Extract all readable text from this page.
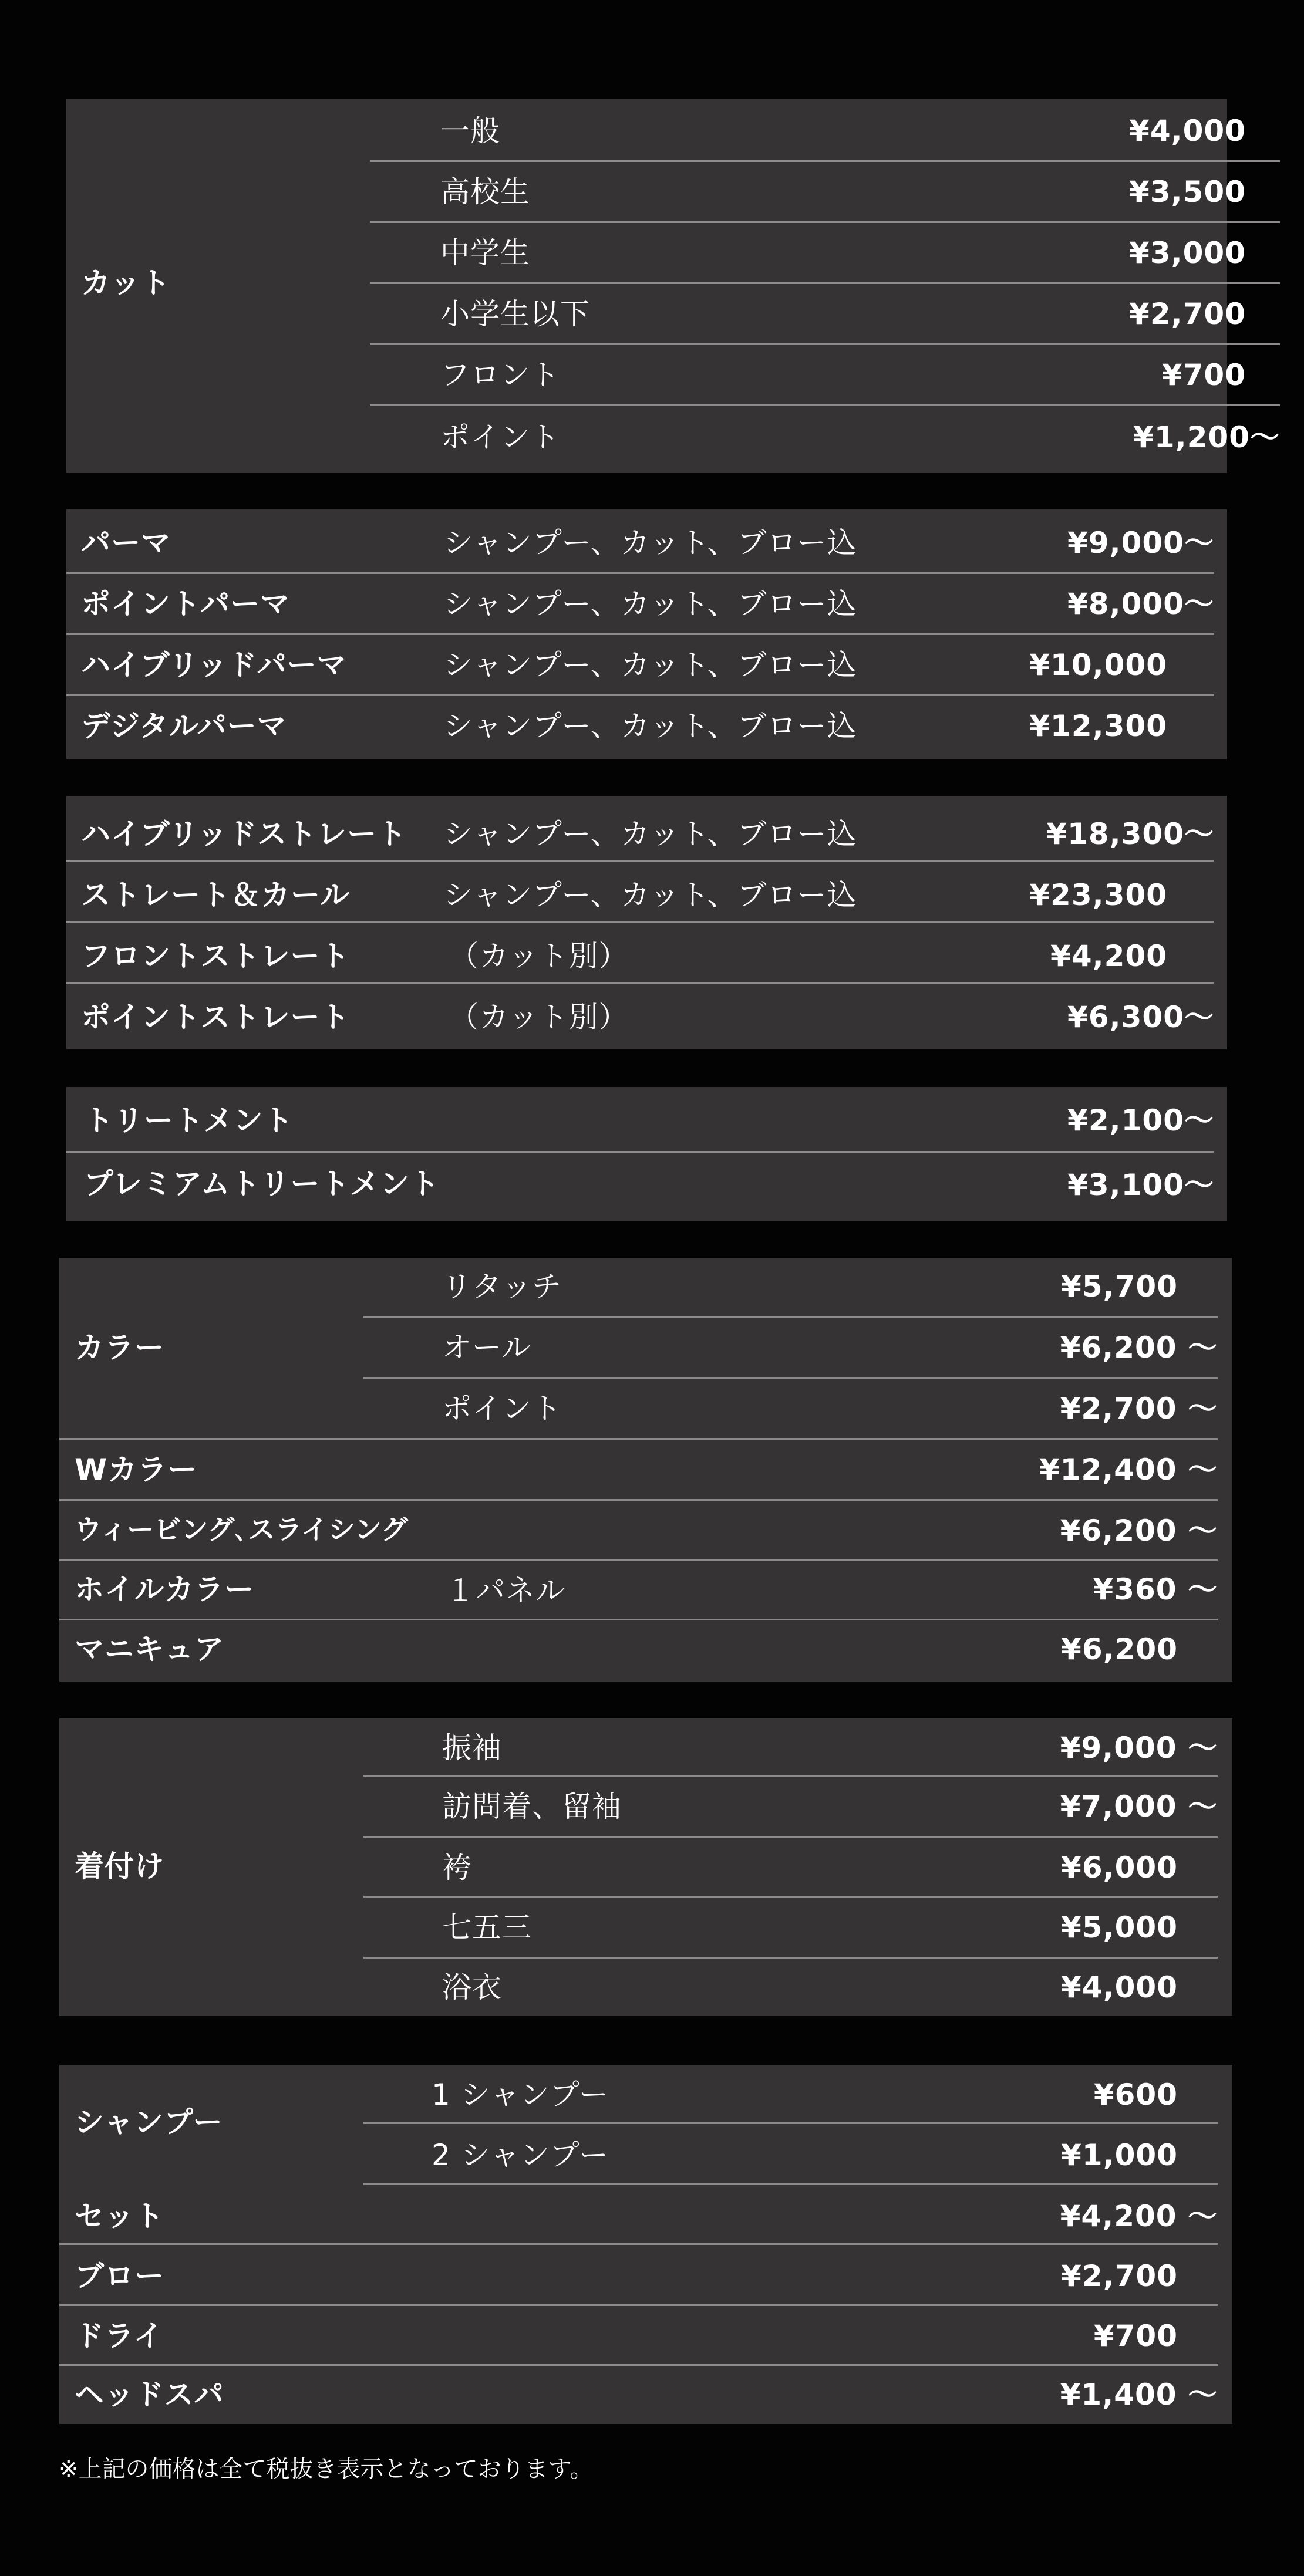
カット
一般	¥4,000
高校生	¥3,500
中学生	¥3,000
小学生以下	¥2,700
フロント	¥700
ポイント	¥1,200～
パーマ	シャンプー、カット、ブロー込	¥9,000～
ポイントパーマ	シャンプー、カット、ブロー込	¥8,000～
ハイブリッドパーマ	シャンプー、カット、ブロー込	¥10,000
デジタルパーマ	シャンプー、カット、ブロー込	¥12,300
ハイブリッドストレート シャンプー、カット、ブロー込	¥18,300～
ストレート＆カール	シャンプー、カット、ブロー込	¥23,300
フロントストレート	（カット別）	¥4,200
ポイントストレート	（カット別）	¥6,300～
トリートメント	¥2,100～
プレミアムトリートメント	¥3,100～
カラー
リタッチ	¥5,700
オール	¥6,200 ～
ポイント	¥2,700 ～
Wカラー	¥12,400 ～
ウィービング､スライシング	¥6,200 ～
ホイルカラー	１パネル	¥360 ～
マニキュア	¥6,200
着付け
振袖	¥9,000 ～
訪問着、留袖	¥7,000 ～
袴	¥6,000
七五三	¥5,000
浴衣	¥4,000
シャンプー
1 シャンプー	¥600
2 シャンプー	¥1,000
セット	¥4,200 ～
ブロー	¥2,700
ドライ	¥700
ヘッドスパ	¥1,400 ～
※上記の価格は全て税抜き表示となっております。
